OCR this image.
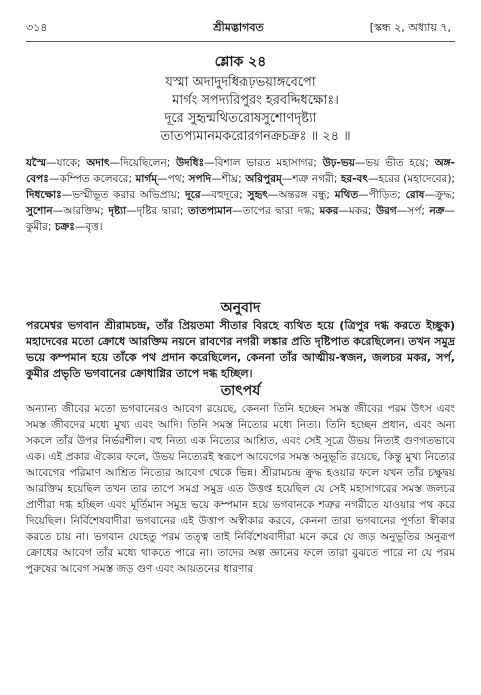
৩১৪	শ্রীমদ্ভাগবত	[স্কন্ধ ২, অধ্যায় ৭,
শ্লোক ২৪
যস্মা অদাদুদধিরূঢ়ভয়াঙ্গবেপো
মার্গং সপদ্যরিপুরং হরবদ্দিধক্ষোঃ।
দূরে সুহৃন্মথিতরোষসুশোণদৃষ্ট্যা
তাতপ্যমানমকরোরগনক্রচক্রঃ ॥ ২৪ ॥
যস্মৈ—যাকে; অদাৎ—দিয়েছিলেন; উদধিঃ—বিশাল ভারত মহাসাগর; উঢ়-ভয়—ভয় ভীত হয়ে; অঙ্গ-বেপঃ—কম্পিত কলেবরে; মার্গম্—পথ; সপদি—শীঘ্র; অরিপুরম্—শত্রু নগরী; হর-বৎ—হরের (মহাদেবের); দিধক্ষোঃ—ভস্মীভূত করার অভিপ্রায়; দূরে—বহুদূরে; সুহৃৎ—অন্তরঙ্গ বন্ধু; মথিত—পীড়িত; রোষ—ক্রুদ্ধ; সুশোন—আরক্তিম; দৃষ্ট্যা—দৃষ্টির দ্বারা; তাতপ্যমান—তাপের দ্বারা দগ্ধ; মকর—মকর; উরগ—সর্প; নক্র—কুমীর; চক্রঃ—বৃত্ত।
অনুবাদ
পরমেশ্বর ভগবান শ্রীরামচন্দ্র, তাঁর প্রিয়তমা সীতার বিরহে ব্যথিত হয়ে (ত্রিপুর দগ্ধ করতে ইচ্ছুক) মহাদেবের মতো ক্রোধে আরক্তিম নয়নে রাবণের নগরী লঙ্কার প্রতি দৃষ্টিপাত করেছিলেন। তখন সমুদ্র ভয়ে কম্পমান হয়ে তাঁকে পথ প্রদান করেছিলেন, কেননা তাঁর আত্মীয়-স্বজন, জলচর মকর, সর্প, কুমীর প্রভৃতি ভগবানের ক্রোধাগ্নির তাপে দগ্ধ হচ্ছিল।
তাৎপর্য
অন্যান্য জীবের মতো ভগবানেরও আবেগ রয়েছে, কেননা তিনি হচ্ছেন সমস্ত জীবের পরম উৎস এবং সমস্ত জীবদের মধ্যে মুখ্য এবং আদি। তিনি সমস্ত নিত্যের মধ্যে নিত্য। তিনি হচ্ছেন প্রধান, এবং অন্য সকলে তাঁর উপর নির্ভরশীল। বহু নিত্য এক নিত্যের আশ্রিত, এবং সেই সূত্রে উভয় নিত্যই গুণগতভাবে এক। এই প্রকার ঐক্যের ফলে, উভয় নিত্যেরই স্বরূপে আবেগের সমস্ত অনুভূতি রয়েছে, কিন্তু মুখ্য নিত্যের আবেগের পরিমাণ আশ্রিত নিত্যের আবেগ থেকে ভিন্ন। শ্রীরামচন্দ্র ক্রুদ্ধ হওয়ার ফলে যখন তাঁর চক্ষুদ্বয় আরক্তিম হয়েছিল তখন তার তাপে সমগ্র সমুদ্র এত উত্তপ্ত হয়েছিল যে সেই মহাসাগরের সমস্ত জলচর প্রাণীরা দগ্ধ হচ্ছিল এবং মূর্তিমান সমুদ্র ভয়ে কম্পমান হয়ে ভগবানকে শত্রুর নগরীতে যাওয়ার পথ করে দিয়েছিল। নির্বিশেষবাদীরা ভগবানের এই উত্তাপ অস্বীকার করবে, কেননা তারা ভগবানের পূর্ণতা স্বীকার করতে চায় না। ভগবান যেহেতু পরম তত্ত্ব তাই নির্বিশেষবাদীরা মনে করে যে জড় অনুভূতির অনুরূপ ক্রোধের আবেগ তাঁর মধ্যে থাকতে পারে না। তাদের অল্প জ্ঞানের ফলে তারা বুঝতে পারে না যে পরম পুরুষের আবেগ সমস্ত জড় গুণ এবং আয়তনের ধারণার
